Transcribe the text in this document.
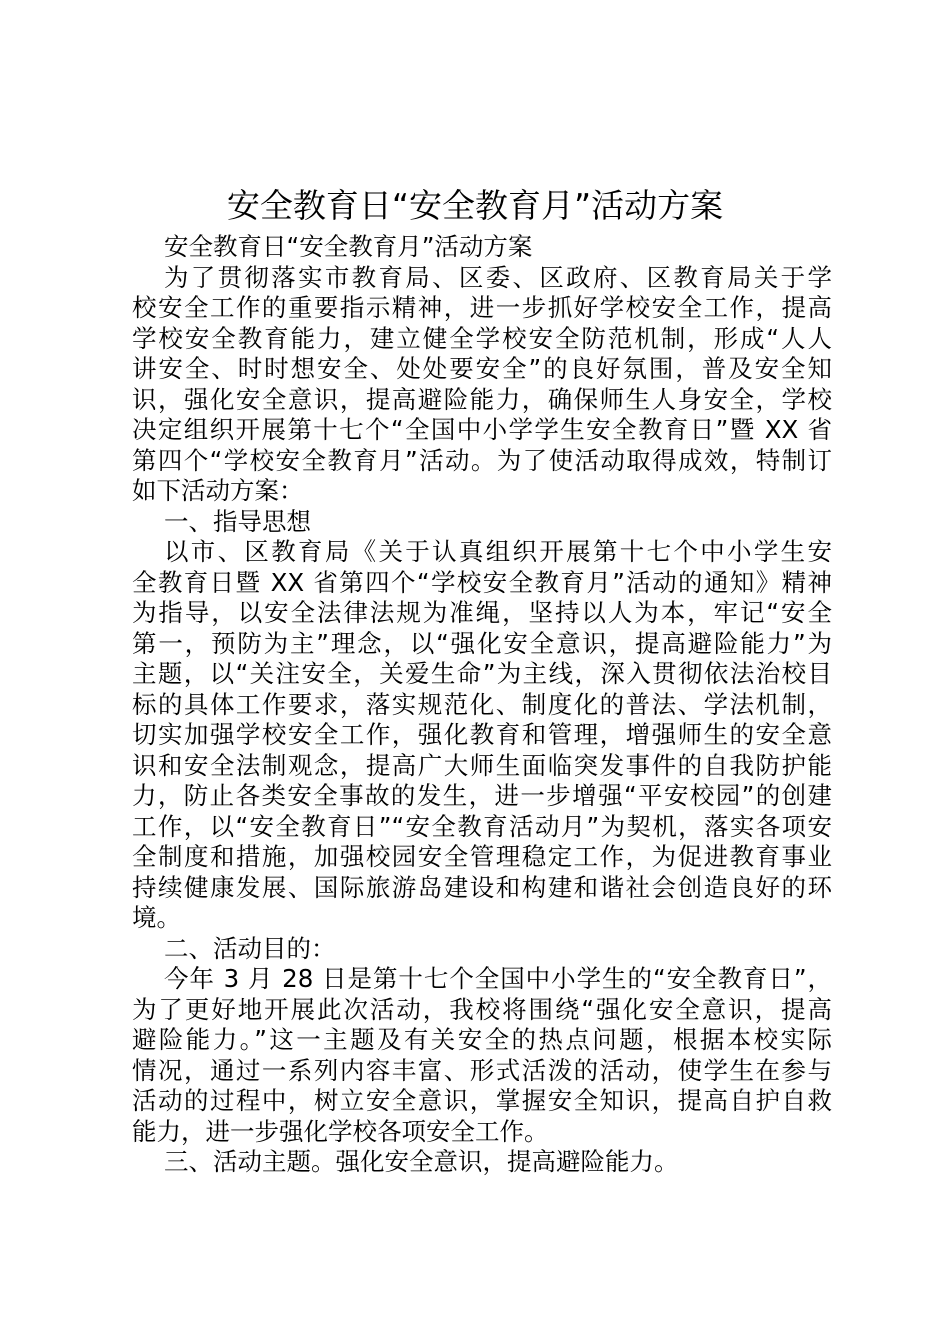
安全教育日“安全教育月”活动方案
安全教育日“安全教育月”活动方案
为了贯彻落实市教育局、区委、区政府、区教育局关于学
校安全工作的重要指示精神，进一步抓好学校安全工作，提高
学校安全教育能力，建立健全学校安全防范机制，形成“人人
讲安全、时时想安全、处处要安全”的良好氛围，普及安全知
识，强化安全意识，提高避险能力，确保师生人身安全，学校
决定组织开展第十七个“全国中小学学生安全教育日”暨 XX 省
第四个“学校安全教育月”活动。为了使活动取得成效，特制订
如下活动方案：
一、指导思想
以市、区教育局《关于认真组织开展第十七个中小学生安
全教育日暨 XX 省第四个“学校安全教育月”活动的通知》精神
为指导，以安全法律法规为准绳，坚持以人为本，牢记“安全
第一，预防为主”理念，以“强化安全意识，提高避险能力”为
主题，以“关注安全，关爱生命”为主线，深入贯彻依法治校目
标的具体工作要求，落实规范化、制度化的普法、学法机制，
切实加强学校安全工作，强化教育和管理，增强师生的安全意
识和安全法制观念，提高广大师生面临突发事件的自我防护能
力，防止各类安全事故的发生，进一步增强“平安校园”的创建
工作，以“安全教育日”“安全教育活动月”为契机，落实各项安
全制度和措施，加强校园安全管理稳定工作，为促进教育事业
持续健康发展、国际旅游岛建设和构建和谐社会创造良好的环
境。
二、活动目的：
今年 3 月 28 日是第十七个全国中小学生的“安全教育日”，
为了更好地开展此次活动，我校将围绕“强化安全意识，提高
避险能力。”这一主题及有关安全的热点问题，根据本校实际
情况，通过一系列内容丰富、形式活泼的活动，使学生在参与
活动的过程中，树立安全意识，掌握安全知识，提高自护自救
能力，进一步强化学校各项安全工作。
三、活动主题。强化安全意识，提高避险能力。
